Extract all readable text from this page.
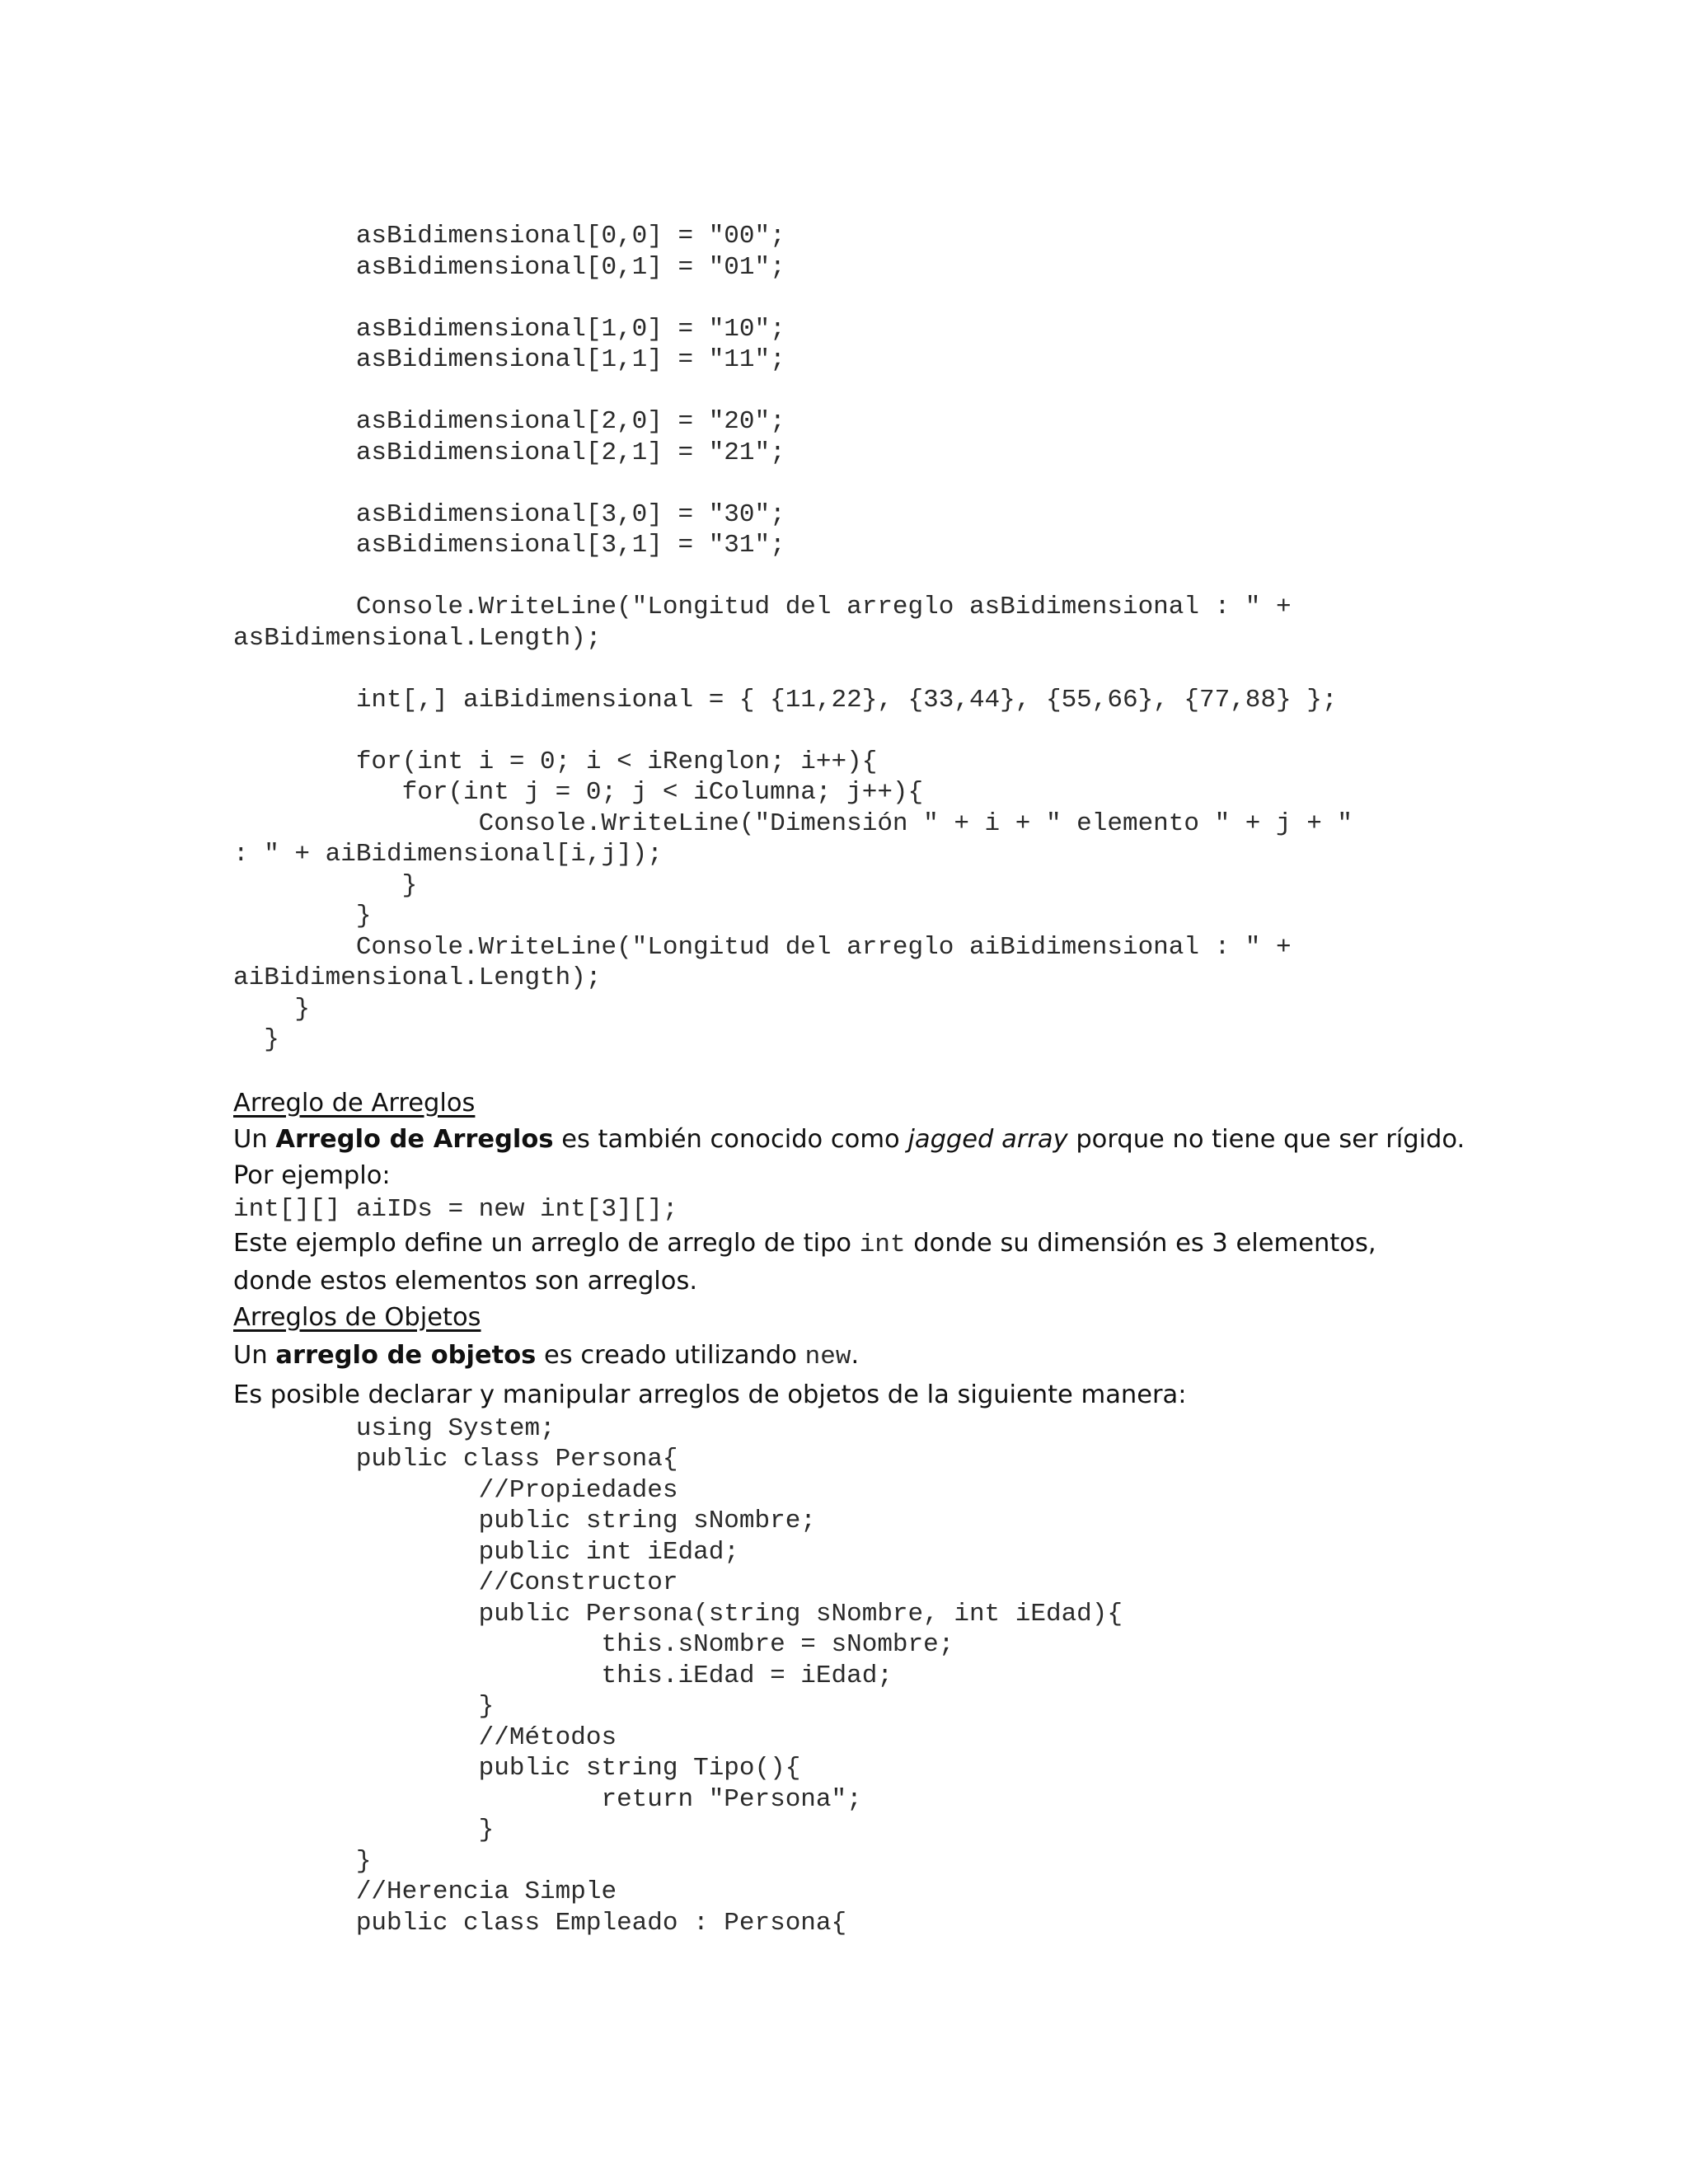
asBidimensional[0,0] = "00";
asBidimensional[0,1] = "01";
asBidimensional[1,0] = "10";
asBidimensional[1,1] = "11";
asBidimensional[2,0] = "20";
asBidimensional[2,1] = "21";
asBidimensional[3,0] = "30";
asBidimensional[3,1] = "31";
Console.WriteLine("Longitud del arreglo asBidimensional : " +
asBidimensional.Length);
int[,] aiBidimensional = { {11,22}, {33,44}, {55,66}, {77,88} };
for(int i = 0; i < iRenglon; i++){
for(int j = 0; j < iColumna; j++){
Console.WriteLine("Dimensión " + i + " elemento " + j + "
: " + aiBidimensional[i,j]);
}
}
Console.WriteLine("Longitud del arreglo aiBidimensional : " +
aiBidimensional.Length);
}
}
Arreglo de Arreglos
Un Arreglo de Arreglos es también conocido como jagged array porque no tiene que ser rígido.
Por ejemplo:
int[][] aiIDs = new int[3][];
Este ejemplo define un arreglo de arreglo de tipo int donde su dimensión es 3 elementos, donde estos elementos son arreglos.
Arreglos de Objetos
Un arreglo de objetos es creado utilizando new.
Es posible declarar y manipular arreglos de objetos de la siguiente manera:
using System;
public class Persona{
//Propiedades
public string sNombre;
public int iEdad;
//Constructor
public Persona(string sNombre, int iEdad){
this.sNombre = sNombre;
this.iEdad = iEdad;
}
//Métodos
public string Tipo(){
return "Persona";
}
}
//Herencia Simple
public class Empleado : Persona{
